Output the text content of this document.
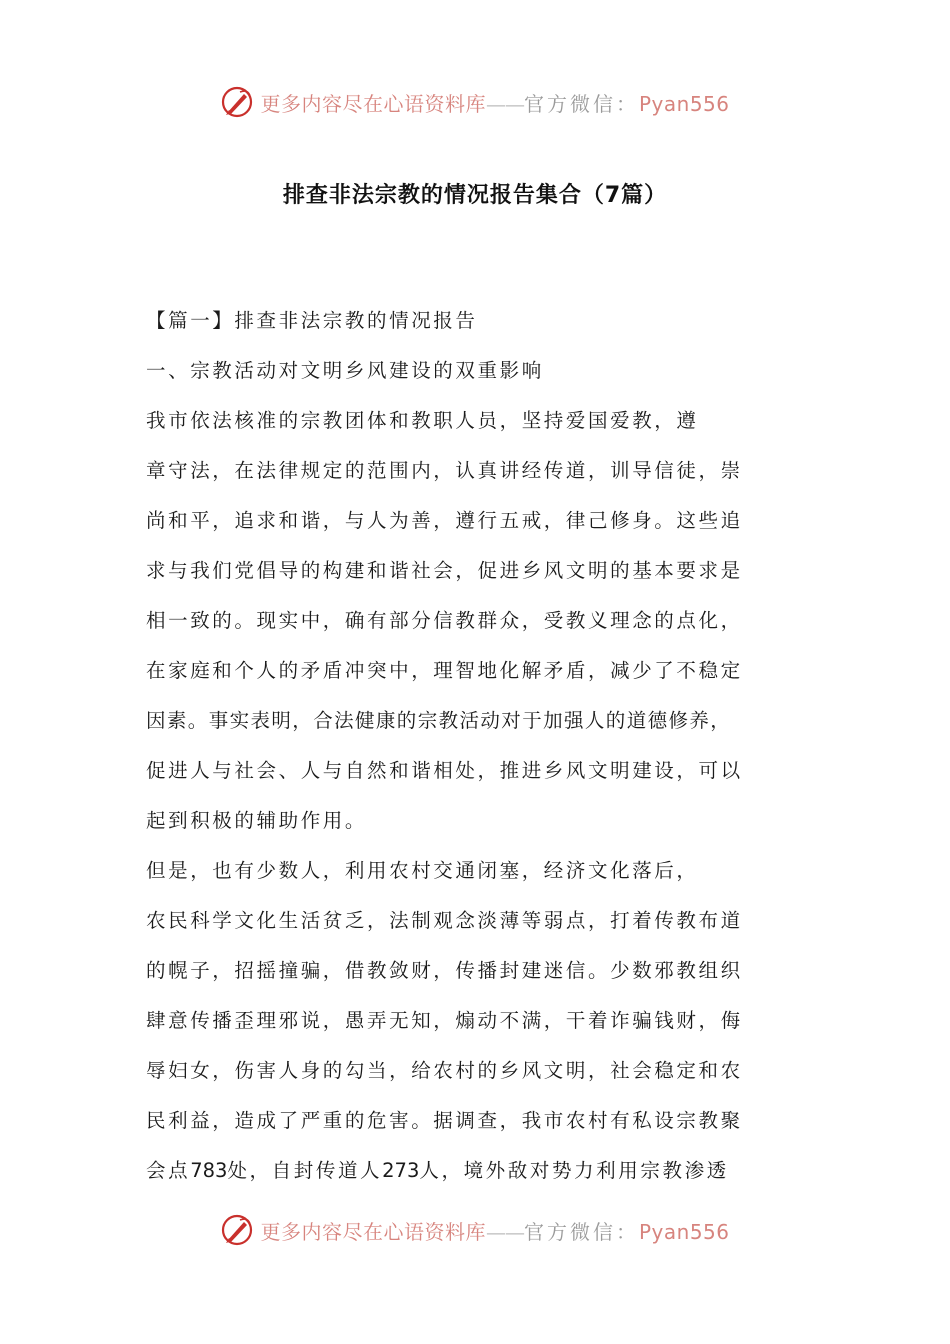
更多内容尽在心语资料库——官方微信：Pyan556
排查非法宗教的情况报告集合（7篇）
【篇一】排查非法宗教的情况报告
一、宗教活动对文明乡风建设的双重影响
我市依法核准的宗教团体和教职人员，坚持爱国爱教，遵
章守法，在法律规定的范围内，认真讲经传道，训导信徒，崇
尚和平，追求和谐，与人为善，遵行五戒，律己修身。这些追
求与我们党倡导的构建和谐社会，促进乡风文明的基本要求是
相一致的。现实中，确有部分信教群众，受教义理念的点化，
在家庭和个人的矛盾冲突中，理智地化解矛盾，减少了不稳定
因素。事实表明，合法健康的宗教活动对于加强人的道德修养，
促进人与社会、人与自然和谐相处，推进乡风文明建设，可以
起到积极的辅助作用。
但是，也有少数人，利用农村交通闭塞，经济文化落后，
农民科学文化生活贫乏，法制观念淡薄等弱点，打着传教布道
的幌子，招摇撞骗，借教敛财，传播封建迷信。少数邪教组织
肆意传播歪理邪说，愚弄无知，煽动不满，干着诈骗钱财，侮
辱妇女，伤害人身的勾当，给农村的乡风文明，社会稳定和农
民利益，造成了严重的危害。据调查，我市农村有私设宗教聚
会点783处，自封传道人273人，境外敌对势力利用宗教渗透
更多内容尽在心语资料库——官方微信：Pyan556
